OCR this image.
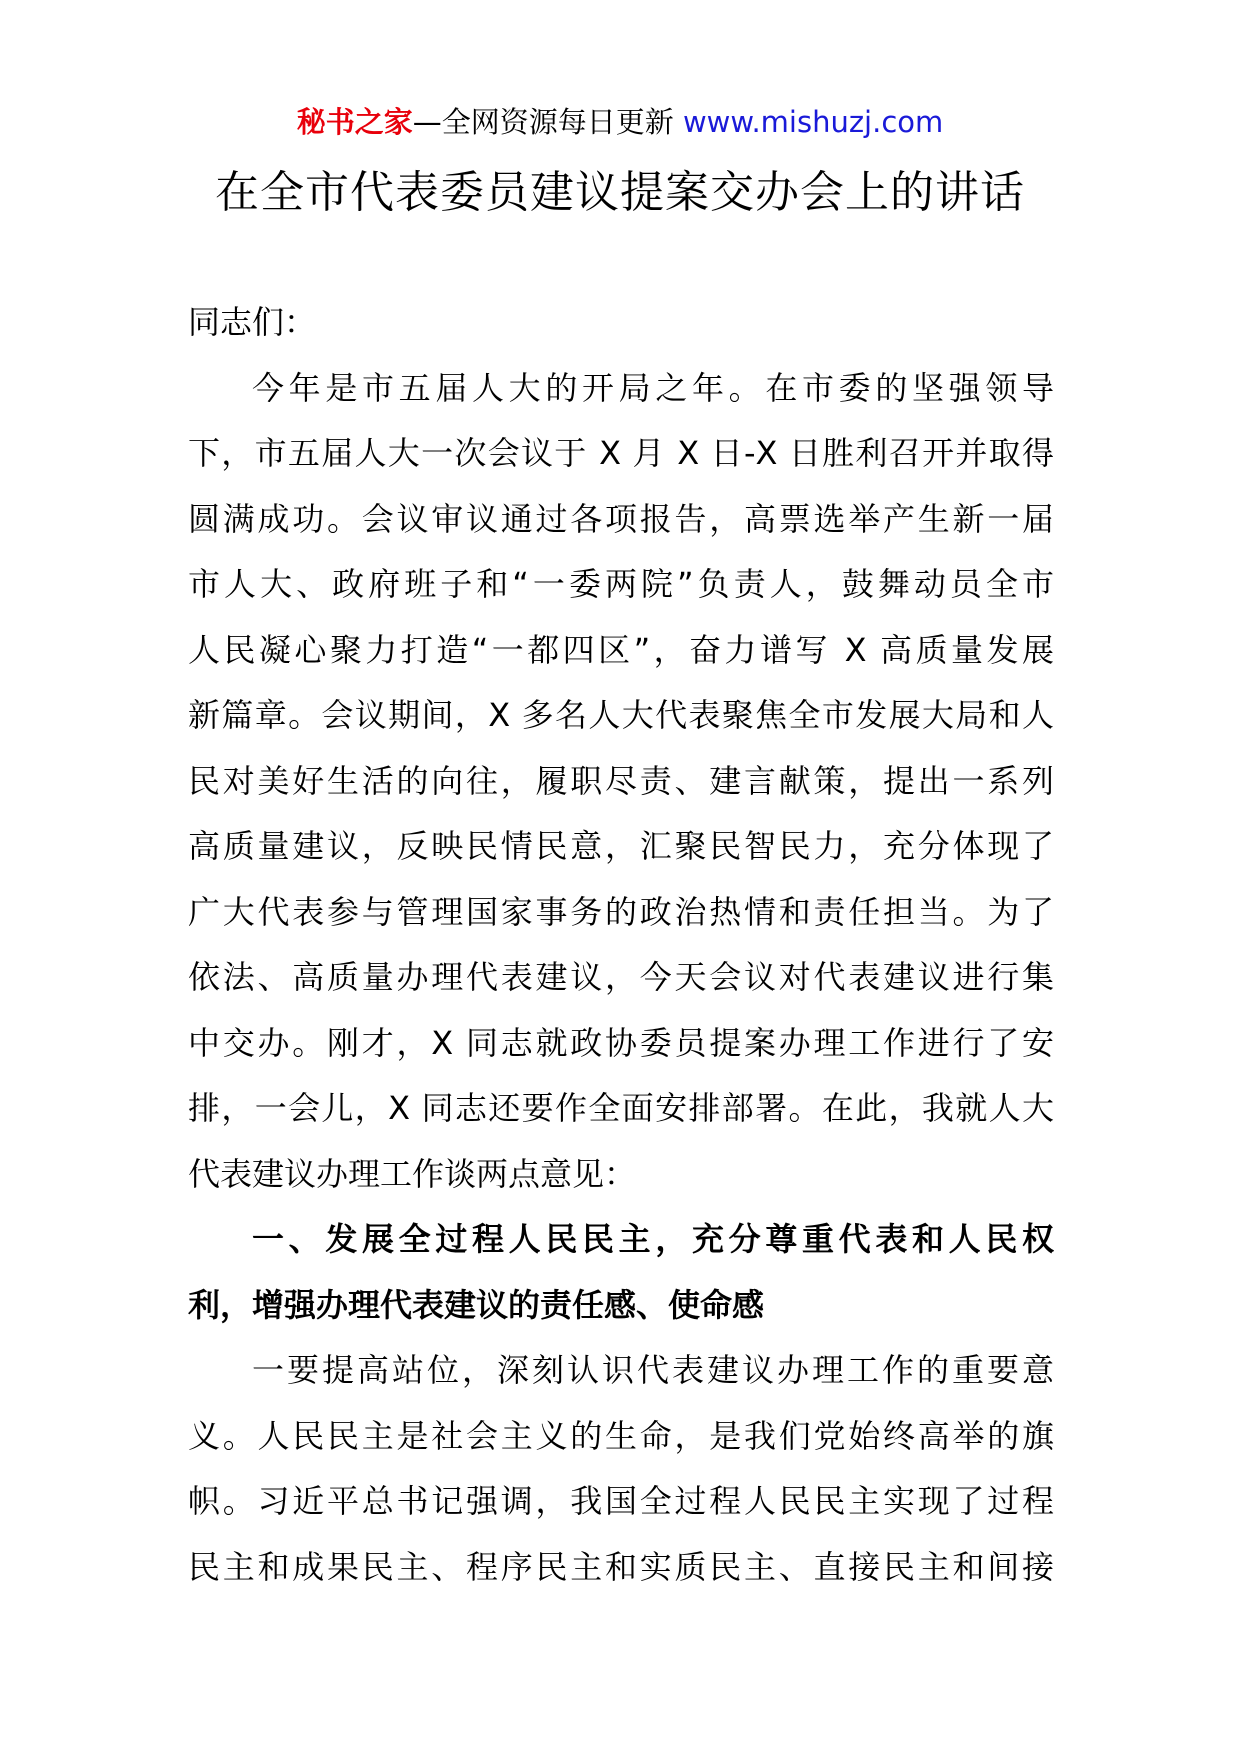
秘书之家—全网资源每日更新 www.mishuzj.com
在全市代表委员建议提案交办会上的讲话
同志们：
今年是市五届人大的开局之年。在市委的坚强领导
下，市五届人大一次会议于 X 月 X 日-X 日胜利召开并取得
圆满成功。会议审议通过各项报告，高票选举产生新一届
市人大、政府班子和“一委两院”负责人，鼓舞动员全市
人民凝心聚力打造“一都四区”，奋力谱写 X 高质量发展
新篇章。会议期间，X 多名人大代表聚焦全市发展大局和人
民对美好生活的向往，履职尽责、建言献策，提出一系列
高质量建议，反映民情民意，汇聚民智民力，充分体现了
广大代表参与管理国家事务的政治热情和责任担当。为了
依法、高质量办理代表建议，今天会议对代表建议进行集
中交办。刚才，X 同志就政协委员提案办理工作进行了安
排，一会儿，X 同志还要作全面安排部署。在此，我就人大
代表建议办理工作谈两点意见：
一、发展全过程人民民主，充分尊重代表和人民权
利，增强办理代表建议的责任感、使命感
一要提高站位，深刻认识代表建议办理工作的重要意
义。人民民主是社会主义的生命，是我们党始终高举的旗
帜。习近平总书记强调，我国全过程人民民主实现了过程
民主和成果民主、程序民主和实质民主、直接民主和间接
